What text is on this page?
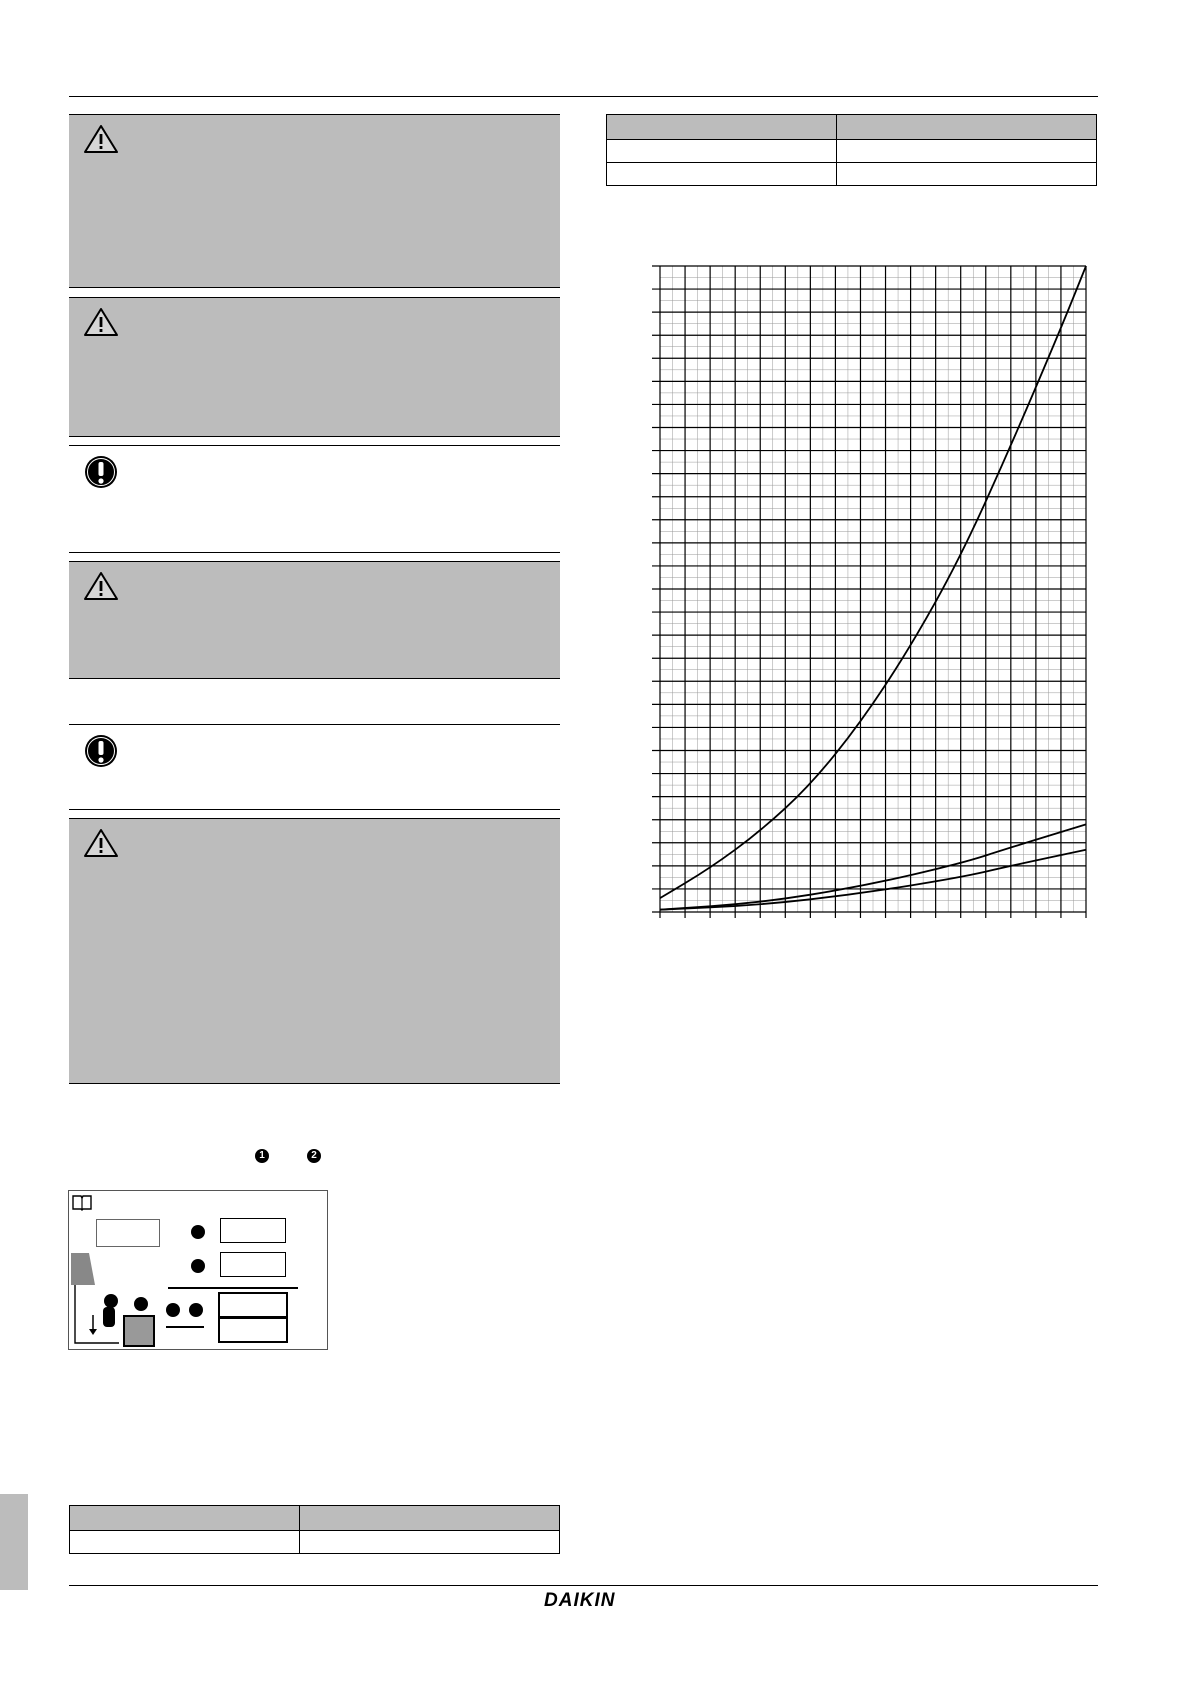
1	2

DAIKIN
